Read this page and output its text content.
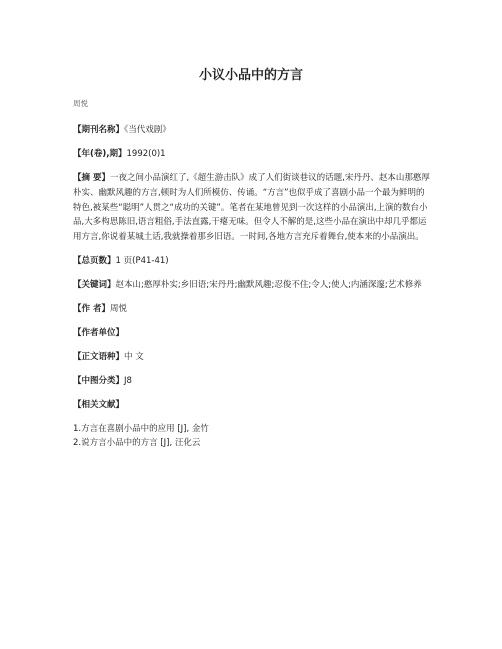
小议小品中的方言
周悦

【期刊名称】《当代戏剧》

【年(卷),期】1992(0)1

【摘 要】一夜之间小品演红了,《超生游击队》成了人们街谈巷议的话题,宋丹丹、赵本山那憨厚朴实、幽默风趣的方言,顿时为人们所模仿、传诵。“方言”也似乎成了喜剧小品一个最为鲜明的特色,被某些“聪明”人贯之“成功的关键”。笔者在某地曾见到一次这样的小品演出,上演的数台小品,大多构思陈旧,语言粗俗,手法直露,干瘪无味。但令人不解的是,这些小品在演出中却几乎都运用方言,你说着某城土话,我就操着那乡旧语。一时间,各地方言充斥着舞台,使本来的小品演出。

【总页数】1 页(P41-41)

【关键词】赵本山;憨厚朴实;乡旧语;宋丹丹;幽默风趣;忍俊不住;令人;使人;内涵深邃;艺术修养

【作 者】周悦

【作者单位】

【正文语种】中 文

【中图分类】J8

【相关文献】

1.方言在喜剧小品中的应用 [J], 金竹

2.说方言小品中的方言 [J], 汪化云
